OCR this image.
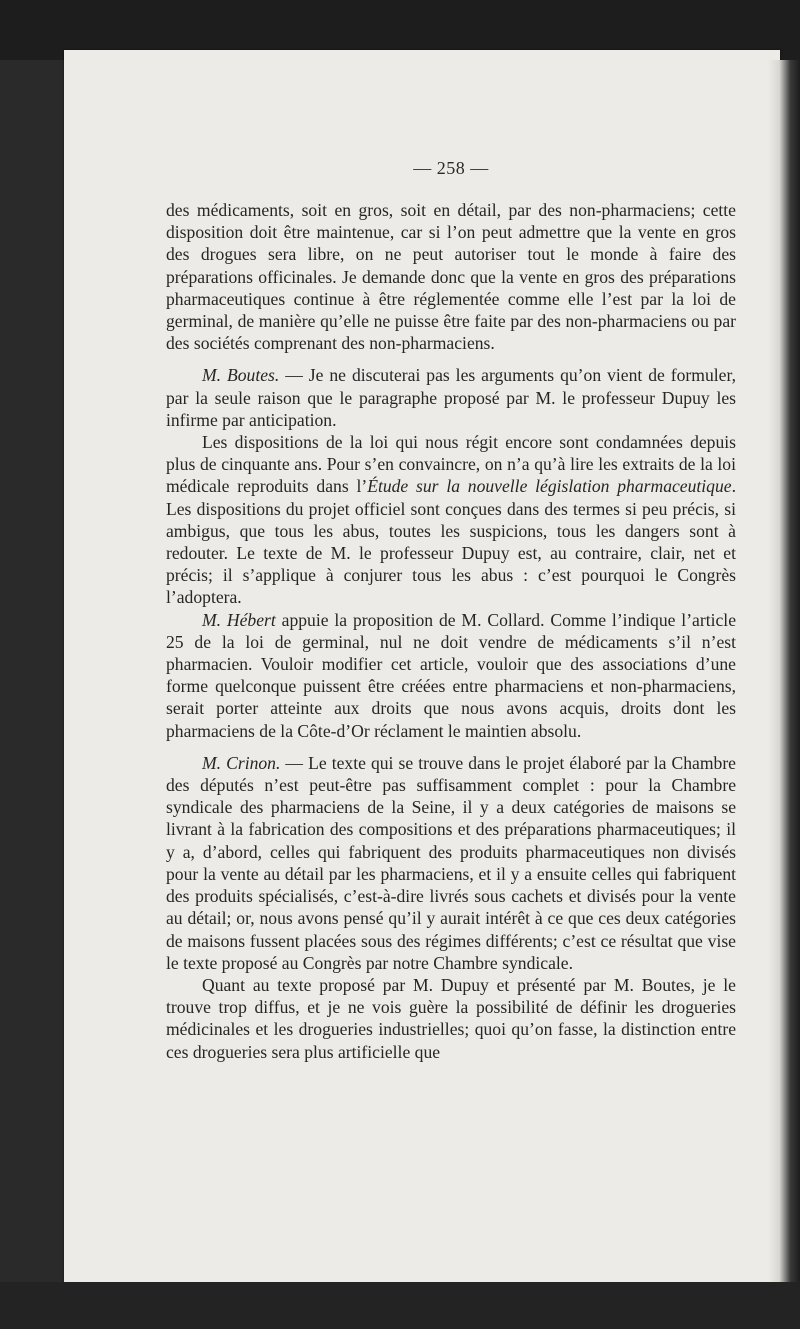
— 258 —

des médicaments, soit en gros, soit en détail, par des non-pharmaciens; cette disposition doit être maintenue, car si l’on peut admettre que la vente en gros des drogues sera libre, on ne peut autoriser tout le monde à faire des préparations officinales. Je demande donc que la vente en gros des préparations pharmaceutiques continue à être réglementée comme elle l’est par la loi de germinal, de manière qu’elle ne puisse être faite par des non-pharmaciens ou par des sociétés comprenant des non-pharmaciens.

M. Boutes. — Je ne discuterai pas les arguments qu’on vient de formuler, par la seule raison que le paragraphe proposé par M. le professeur Dupuy les infirme par anticipation.

Les dispositions de la loi qui nous régit encore sont condamnées depuis plus de cinquante ans. Pour s’en convaincre, on n’a qu’à lire les extraits de la loi médicale reproduits dans l’Étude sur la nouvelle législation pharmaceutique. Les dispositions du projet officiel sont conçues dans des termes si peu précis, si ambigus, que tous les abus, toutes les suspicions, tous les dangers sont à redouter. Le texte de M. le professeur Dupuy est, au contraire, clair, net et précis; il s’applique à conjurer tous les abus : c’est pourquoi le Congrès l’adoptera.

M. Hébert appuie la proposition de M. Collard. Comme l’indique l’article 25 de la loi de germinal, nul ne doit vendre de médicaments s’il n’est pharmacien. Vouloir modifier cet article, vouloir que des associations d’une forme quelconque puissent être créées entre pharmaciens et non-pharmaciens, serait porter atteinte aux droits que nous avons acquis, droits dont les pharmaciens de la Côte-d’Or réclament le maintien absolu.

M. Crinon. — Le texte qui se trouve dans le projet élaboré par la Chambre des députés n’est peut-être pas suffisamment complet : pour la Chambre syndicale des pharmaciens de la Seine, il y a deux catégories de maisons se livrant à la fabrication des compositions et des préparations pharmaceutiques; il y a, d’abord, celles qui fabriquent des produits pharmaceutiques non divisés pour la vente au détail par les pharmaciens, et il y a ensuite celles qui fabriquent des produits spécialisés, c’est-à-dire livrés sous cachets et divisés pour la vente au détail; or, nous avons pensé qu’il y aurait intérêt à ce que ces deux catégories de maisons fussent placées sous des régimes différents; c’est ce résultat que vise le texte proposé au Congrès par notre Chambre syndicale.

Quant au texte proposé par M. Dupuy et présenté par M. Boutes, je le trouve trop diffus, et je ne vois guère la possibilité de définir les drogueries médicinales et les drogueries industrielles; quoi qu’on fasse, la distinction entre ces drogueries sera plus artificielle que
